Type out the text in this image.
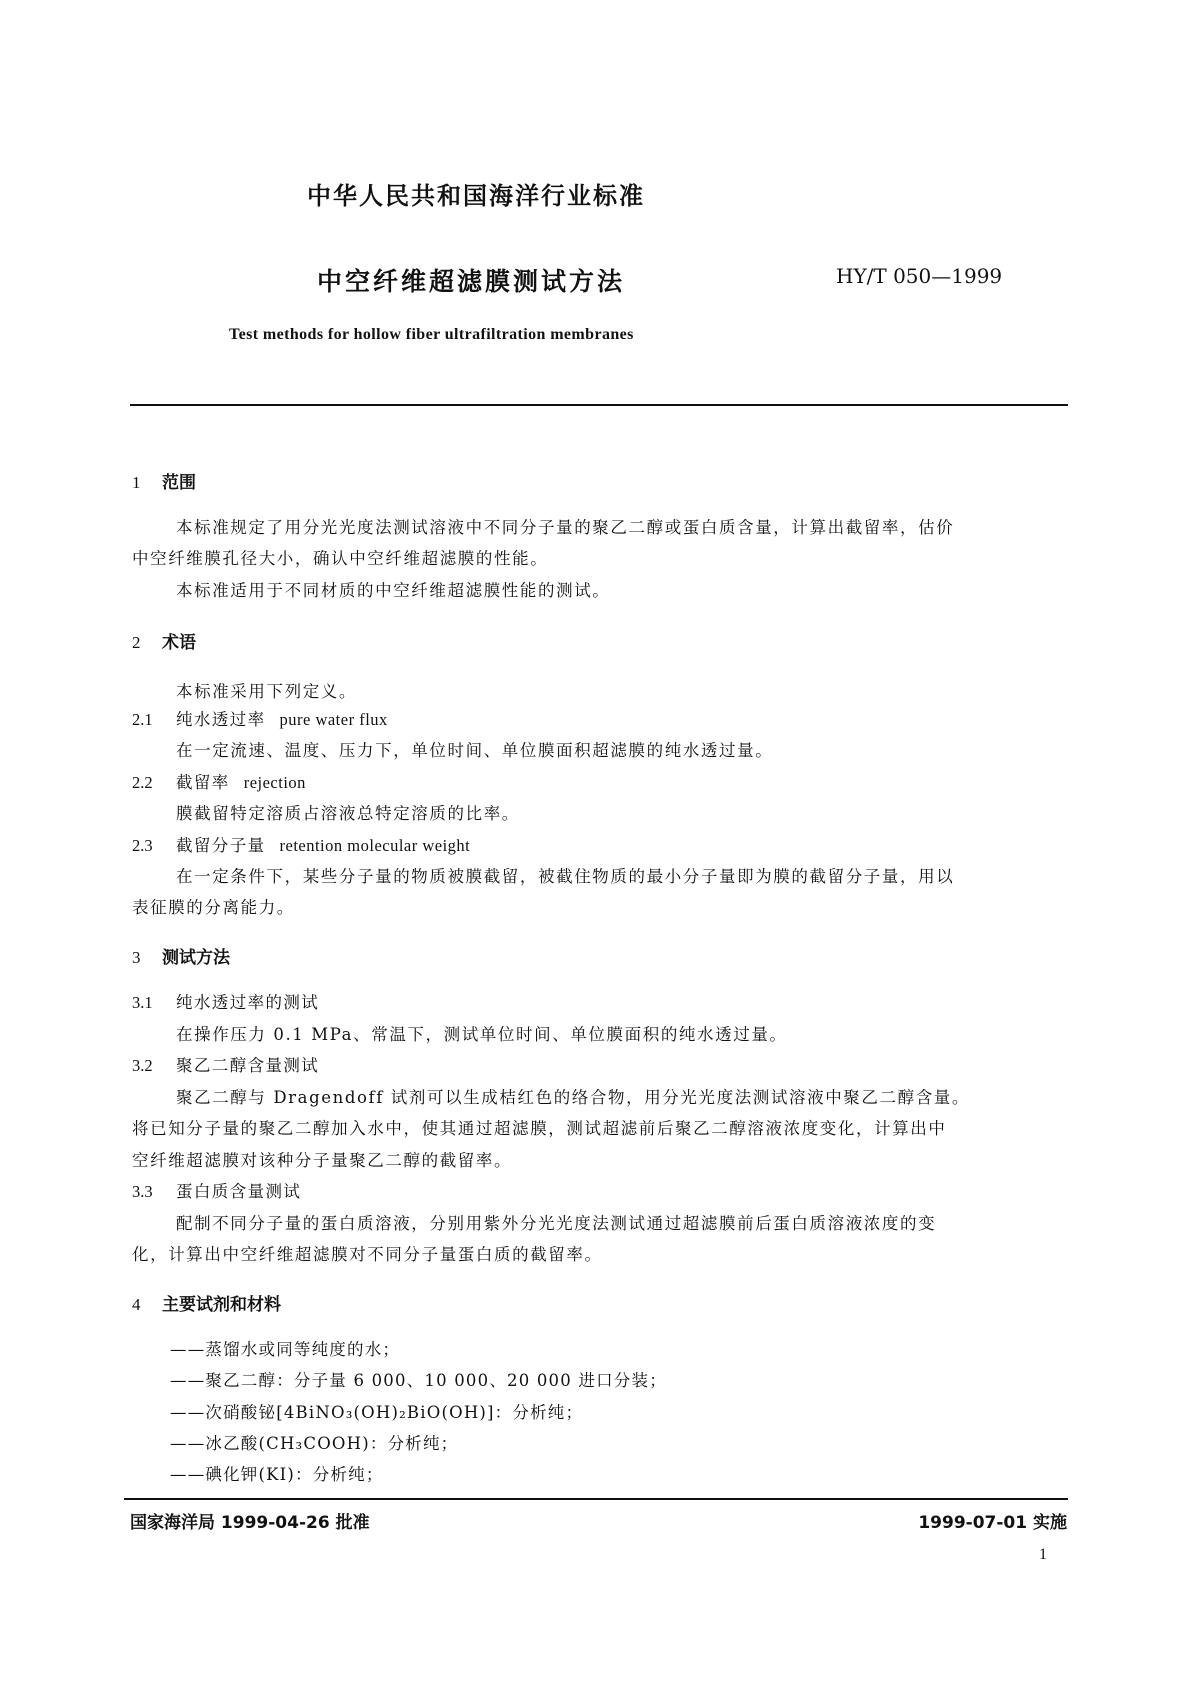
中华人民共和国海洋行业标准
中空纤维超滤膜测试方法	HY/T 050—1999
Test methods for hollow fiber ultrafiltration membranes
1 范围
本标准规定了用分光光度法测试溶液中不同分子量的聚乙二醇或蛋白质含量，计算出截留率，估价
中空纤维膜孔径大小，确认中空纤维超滤膜的性能。
本标准适用于不同材质的中空纤维超滤膜性能的测试。
2 术语
本标准采用下列定义。
2.1 纯水透过率 pure water flux
在一定流速、温度、压力下，单位时间、单位膜面积超滤膜的纯水透过量。
2.2 截留率 rejection
膜截留特定溶质占溶液总特定溶质的比率。
2.3 截留分子量 retention molecular weight
在一定条件下，某些分子量的物质被膜截留，被截住物质的最小分子量即为膜的截留分子量，用以
表征膜的分离能力。
3 测试方法
3.1 纯水透过率的测试
在操作压力 0.1 MPa、常温下，测试单位时间、单位膜面积的纯水透过量。
3.2 聚乙二醇含量测试
聚乙二醇与 Dragendoff 试剂可以生成桔红色的络合物，用分光光度法测试溶液中聚乙二醇含量。
将已知分子量的聚乙二醇加入水中，使其通过超滤膜，测试超滤前后聚乙二醇溶液浓度变化，计算出中
空纤维超滤膜对该种分子量聚乙二醇的截留率。
3.3 蛋白质含量测试
配制不同分子量的蛋白质溶液，分别用紫外分光光度法测试通过超滤膜前后蛋白质溶液浓度的变
化，计算出中空纤维超滤膜对不同分子量蛋白质的截留率。
4 主要试剂和材料
——蒸馏水或同等纯度的水；
——聚乙二醇：分子量 6 000、10 000、20 000 进口分装；
——次硝酸铋[4BiNO₃(OH)₂BiO(OH)]：分析纯；
——冰乙酸(CH₃COOH)：分析纯；
——碘化钾(KI)：分析纯；
国家海洋局 1999-04-26 批准	1999-07-01 实施
1
